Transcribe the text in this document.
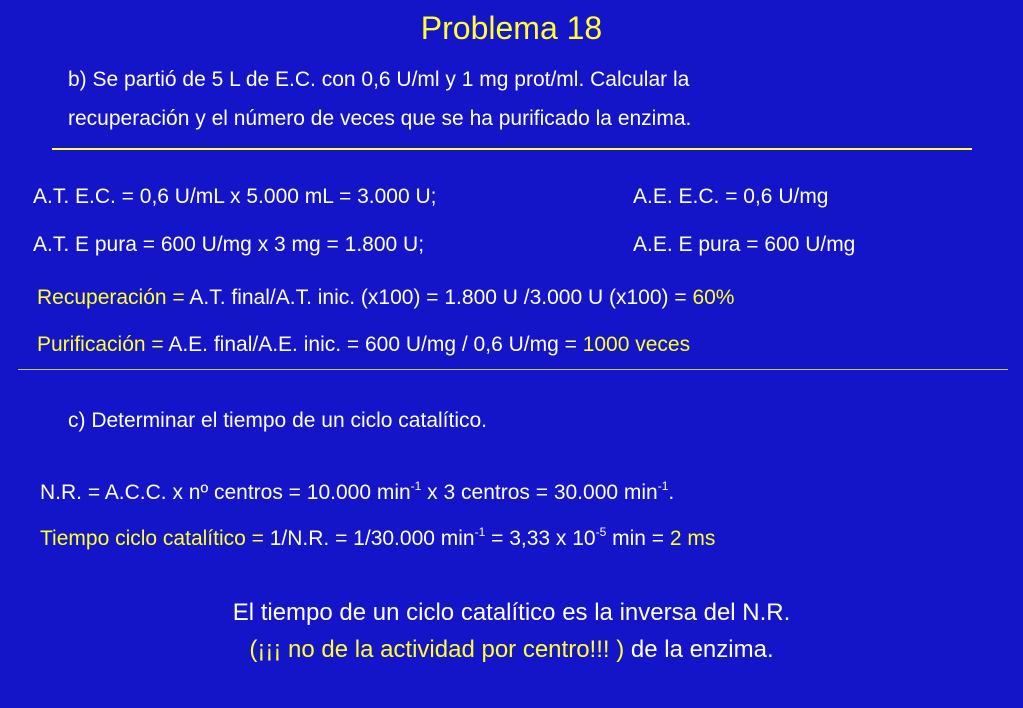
Problema 18
b) Se partió de 5 L de E.C. con 0,6 U/ml y 1 mg prot/ml. Calcular la
recuperación y el número de veces que se ha purificado la enzima.
A.T. E.C. = 0,6 U/mL x 5.000 mL = 3.000 U;	A.E. E.C. = 0,6 U/mg
A.T. E pura = 600 U/mg x 3 mg = 1.800 U;	A.E. E pura = 600 U/mg
Recuperación = A.T. final/A.T. inic. (x100) = 1.800 U /3.000 U (x100) = 60%
Purificación = A.E. final/A.E. inic. = 600 U/mg / 0,6 U/mg = 1000 veces
c) Determinar el tiempo de un ciclo catalítico.
N.R. = A.C.C. x nº centros = 10.000 $\min^{-1} x$ 3 centros = 30.000 $\min^{-1}$.
Tiempo ciclo catalítico = 1/N.R. = 1/30.000 $\min^{-1} = 3,33$ x $10^{-5}$ min = 2 ms
El tiempo de un ciclo catalítico es la inversa del N.R.
(¡¡¡ no de la actividad por centro!!! ) de la enzima.
